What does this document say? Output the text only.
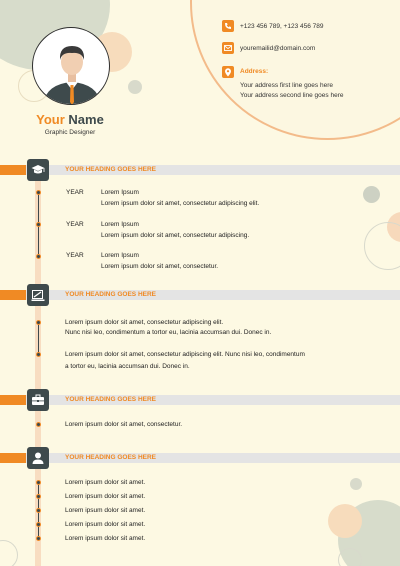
Your Name
Graphic Designer
+123 456 789, +123 456 789
youremailid@domain.com
Address:
Your address first line goes here
Your address second line goes here
YOUR HEADING GOES HERE
YEAR	Lorem Ipsum
Lorem ipsum dolor sit amet, consectetur adipiscing elit.
YEAR	Lorem Ipsum
Lorem ipsum dolor sit amet, consectetur adipiscing.
YEAR	Lorem Ipsum
Lorem ipsum dolor sit amet, consectetur.
YOUR HEADING GOES HERE
Lorem ipsum dolor sit amet, consectetur adipiscing elit.
Nunc nisi leo, condimentum a tortor eu, lacinia accumsan dui. Donec in.
Lorem ipsum dolor sit amet, consectetur adipiscing elit. Nunc nisi leo, condimentum
a tortor eu, lacinia accumsan dui. Donec in.
YOUR HEADING GOES HERE
Lorem ipsum dolor sit amet, consectetur.
YOUR HEADING GOES HERE
Lorem ipsum dolor sit amet.
Lorem ipsum dolor sit amet.
Lorem ipsum dolor sit amet.
Lorem ipsum dolor sit amet.
Lorem ipsum dolor sit amet.
